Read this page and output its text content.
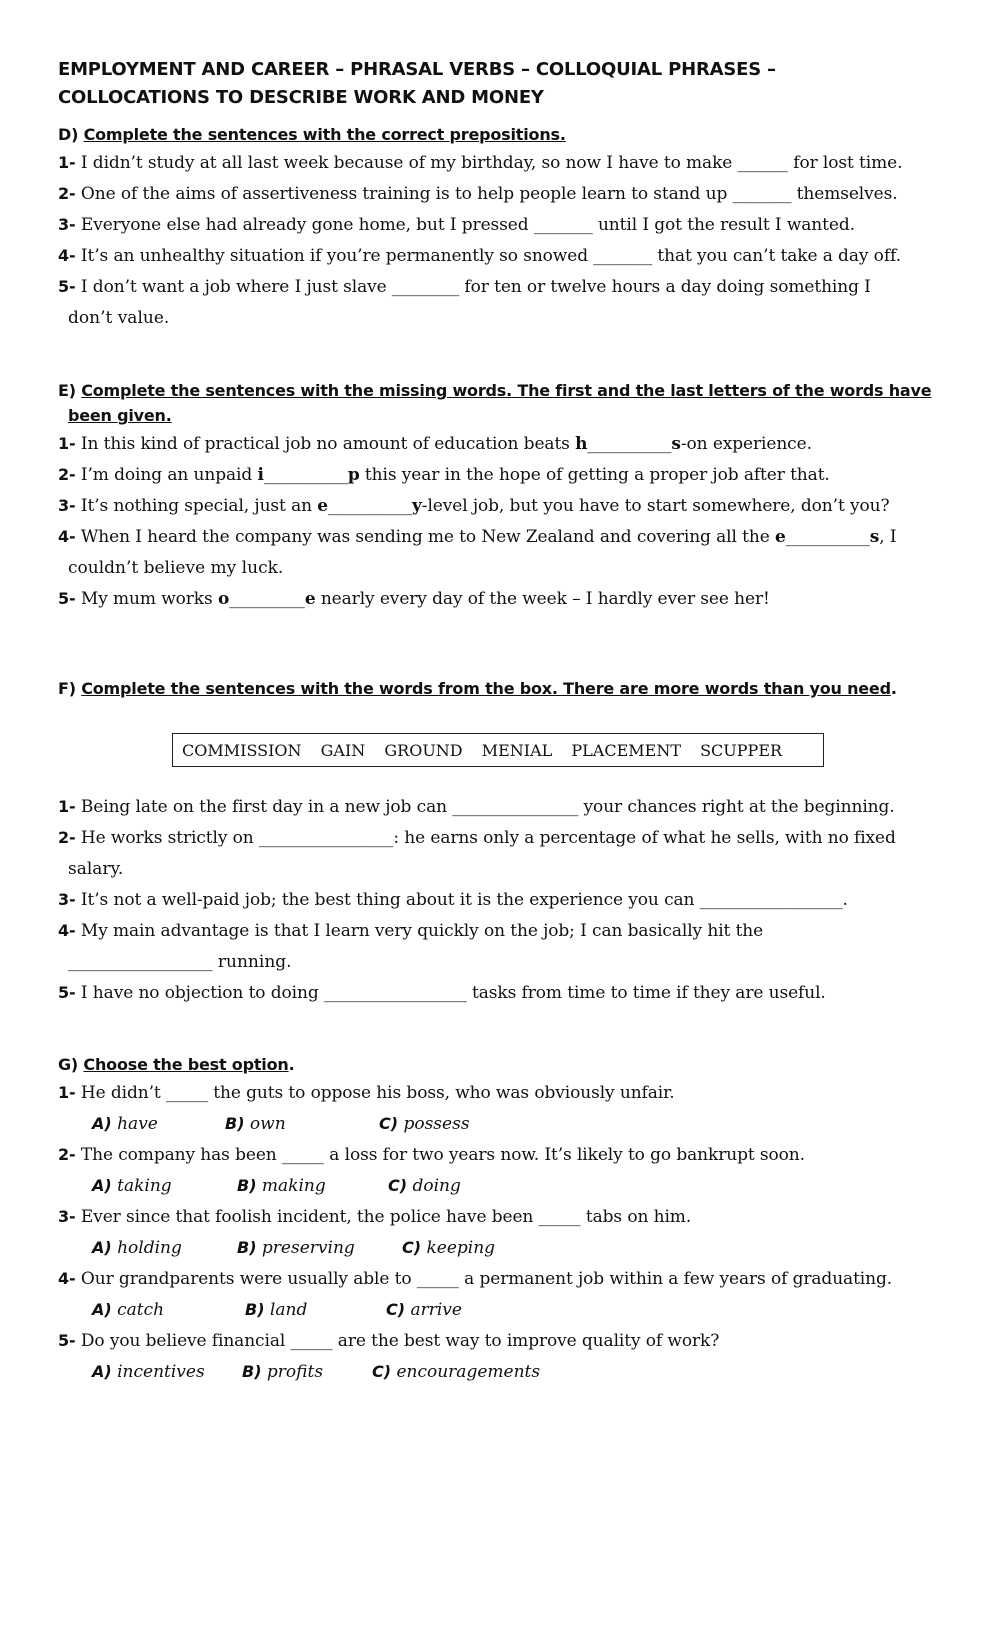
EMPLOYMENT AND CAREER – PHRASAL VERBS – COLLOQUIAL PHRASES –
COLLOCATIONS TO DESCRIBE WORK AND MONEY
D) Complete the sentences with the correct prepositions.
1- I didn’t study at all last week because of my birthday, so now I have to make ______ for lost time.
2- One of the aims of assertiveness training is to help people learn to stand up _______ themselves.
3- Everyone else had already gone home, but I pressed _______ until I got the result I wanted.
4- It’s an unhealthy situation if you’re permanently so snowed _______ that you can’t take a day off.
5- I don’t want a job where I just slave ________ for ten or twelve hours a day doing something I
don’t value.
E) Complete the sentences with the missing words. The first and the last letters of the words have
been given.
1- In this kind of practical job no amount of education beats h__________s-on experience.
2- I’m doing an unpaid i__________p this year in the hope of getting a proper job after that.
3- It’s nothing special, just an e__________y-level job, but you have to start somewhere, don’t you?
4- When I heard the company was sending me to New Zealand and covering all the e__________s, I
couldn’t believe my luck.
5- My mum works o_________e nearly every day of the week – I hardly ever see her!
F) Complete the sentences with the words from the box. There are more words than you need.
COMMISSION GAIN GROUND MENIAL PLACEMENT SCUPPER
1- Being late on the first day in a new job can _______________ your chances right at the beginning.
2- He works strictly on ________________: he earns only a percentage of what he sells, with no fixed
salary.
3- It’s not a well-paid job; the best thing about it is the experience you can _________________.
4- My main advantage is that I learn very quickly on the job; I can basically hit the
_________________ running.
5- I have no objection to doing _________________ tasks from time to time if they are useful.
G) Choose the best option.
1- He didn’t _____ the guts to oppose his boss, who was obviously unfair.
A) have	B) own	C) possess
2- The company has been _____ a loss for two years now. It’s likely to go bankrupt soon.
A) taking	B) making	C) doing
3- Ever since that foolish incident, the police have been _____ tabs on him.
A) holding	B) preserving	C) keeping
4- Our grandparents were usually able to _____ a permanent job within a few years of graduating.
A) catch	B) land	C) arrive
5- Do you believe financial _____ are the best way to improve quality of work?
A) incentives B) profits	C) encouragements
